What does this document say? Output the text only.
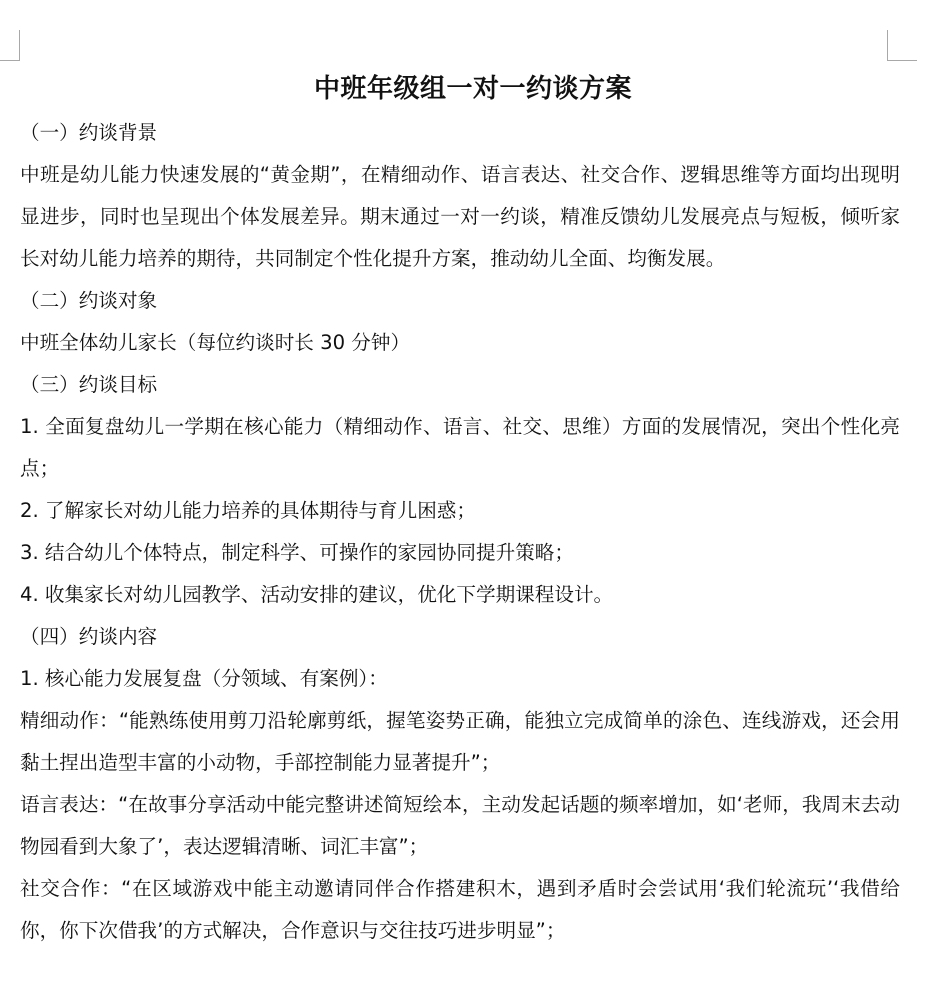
中班年级组一对一约谈方案

（一）约谈背景

中班是幼儿能力快速发展的“黄金期”，在精细动作、语言表达、社交合作、逻辑思维等方面均出现明显进步，同时也呈现出个体发展差异。期末通过一对一约谈，精准反馈幼儿发展亮点与短板，倾听家长对幼儿能力培养的期待，共同制定个性化提升方案，推动幼儿全面、均衡发展。

（二）约谈对象

中班全体幼儿家长（每位约谈时长 30 分钟）

（三）约谈目标

1. 全面复盘幼儿一学期在核心能力（精细动作、语言、社交、思维）方面的发展情况，突出个性化亮点；

2. 了解家长对幼儿能力培养的具体期待与育儿困惑；

3. 结合幼儿个体特点，制定科学、可操作的家园协同提升策略；

4. 收集家长对幼儿园教学、活动安排的建议，优化下学期课程设计。

（四）约谈内容

1. 核心能力发展复盘（分领域、有案例）：

精细动作：“能熟练使用剪刀沿轮廓剪纸，握笔姿势正确，能独立完成简单的涂色、连线游戏，还会用黏土捏出造型丰富的小动物，手部控制能力显著提升”；

语言表达：“在故事分享活动中能完整讲述简短绘本，主动发起话题的频率增加，如‘老师，我周末去动物园看到大象了’，表达逻辑清晰、词汇丰富”；

社交合作：“在区域游戏中能主动邀请同伴合作搭建积木，遇到矛盾时会尝试用‘我们轮流玩’‘我借给你，你下次借我’的方式解决，合作意识与交往技巧进步明显”；
